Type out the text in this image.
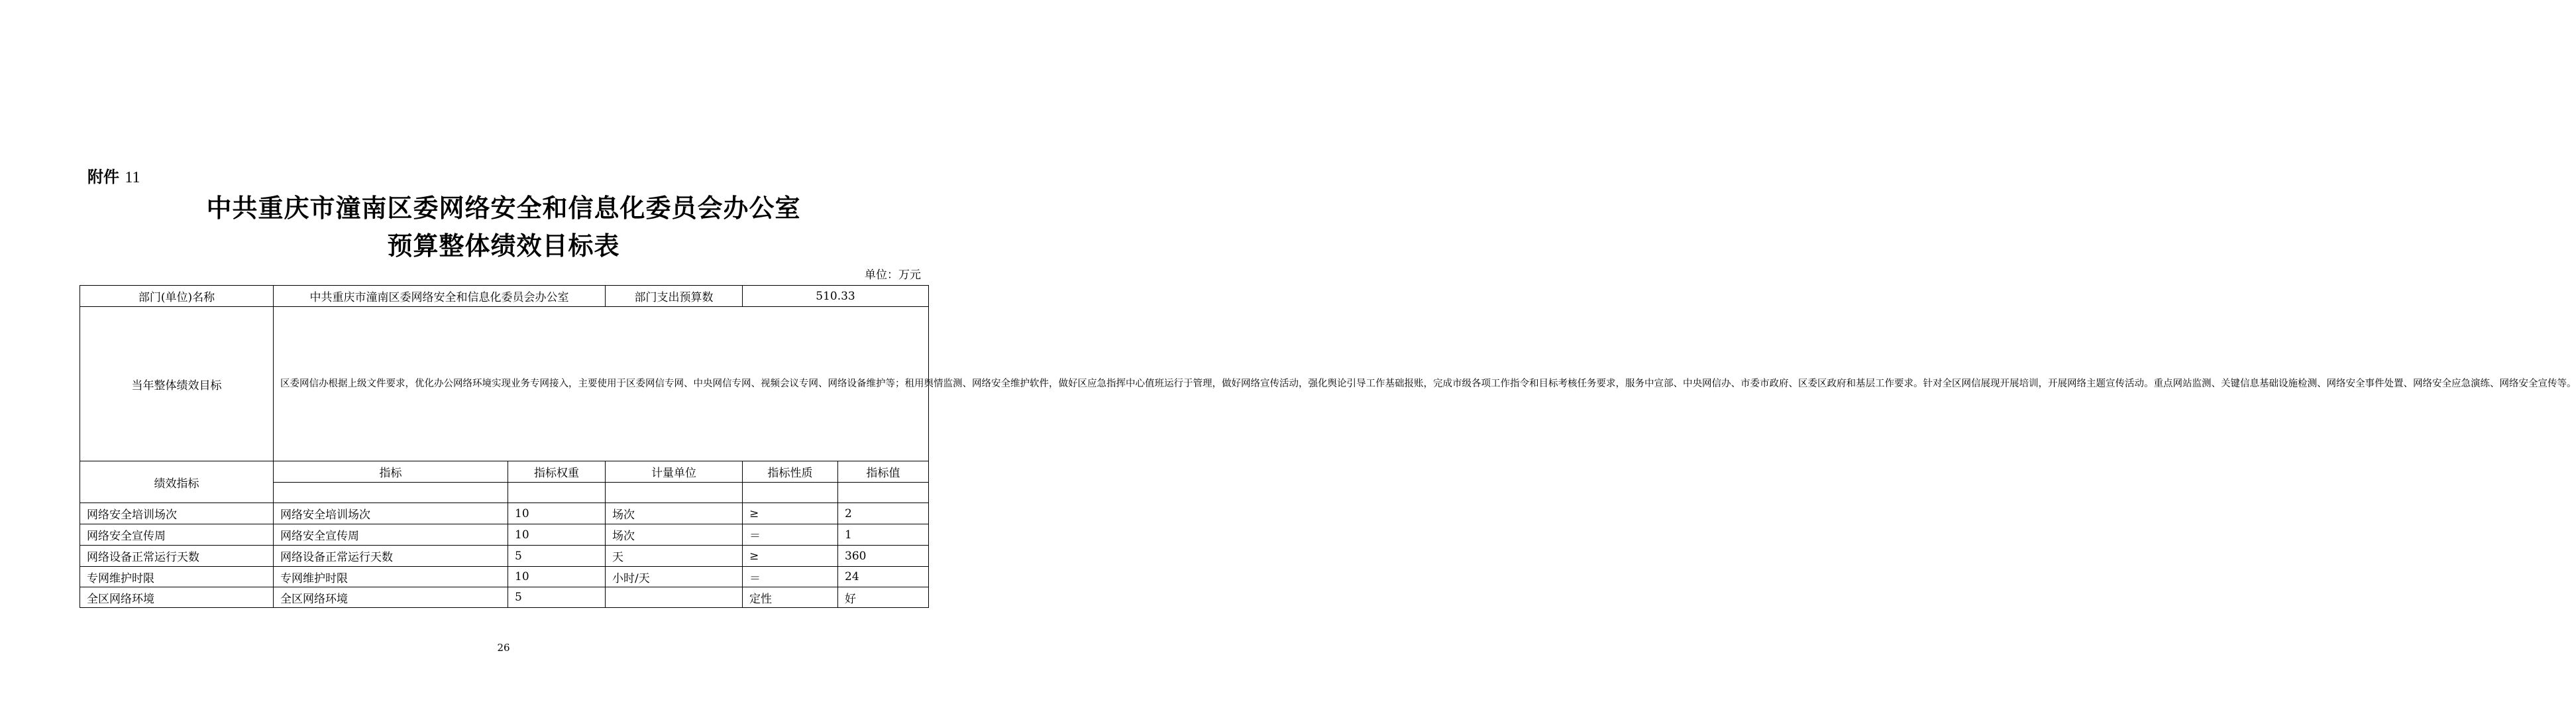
附件 11
中共重庆市潼南区委网络安全和信息化委员会办公室
预算整体绩效目标表
单位：万元
部门(单位)名称	中共重庆市潼南区委网络安全和信息化委员会办公室		部门支出预算数	510.33	
当年整体绩效目标	区委网信办根据上级文件要求，优化办公网络环境实现业务专网接入，主要使用于区委网信专网、中央网信专网、视频会议专网、网络设备维护等；租用舆情监测、网络安全维护软件，做好区应急指挥中心值班运行于管理，做好网络宣传活动，强化舆论引导工作基础报账，完成市级各项工作指令和目标考核任务要求，服务中宣部、中央网信办、市委市政府、区委区政府和基层工作要求。针对全区网信展现开展培训，开展网络主题宣传活动。重点网站监测、关键信息基础设施检测、网络安全事件处置、网络安全应急演练、网络安全宣传等。				
绩效指标	指标	指标权重	计量单位	指标性质	指标值

网络安全培训场次	网络安全培训场次	10	场次	≥	2
网络安全宣传周	网络安全宣传周	10	场次	＝	1
网络设备正常运行天数	网络设备正常运行天数	5	天	≥	360
专网维护时限	专网维护时限	10	小时/天	＝	24
全区网络环境	全区网络环境	5		定性	好
26
